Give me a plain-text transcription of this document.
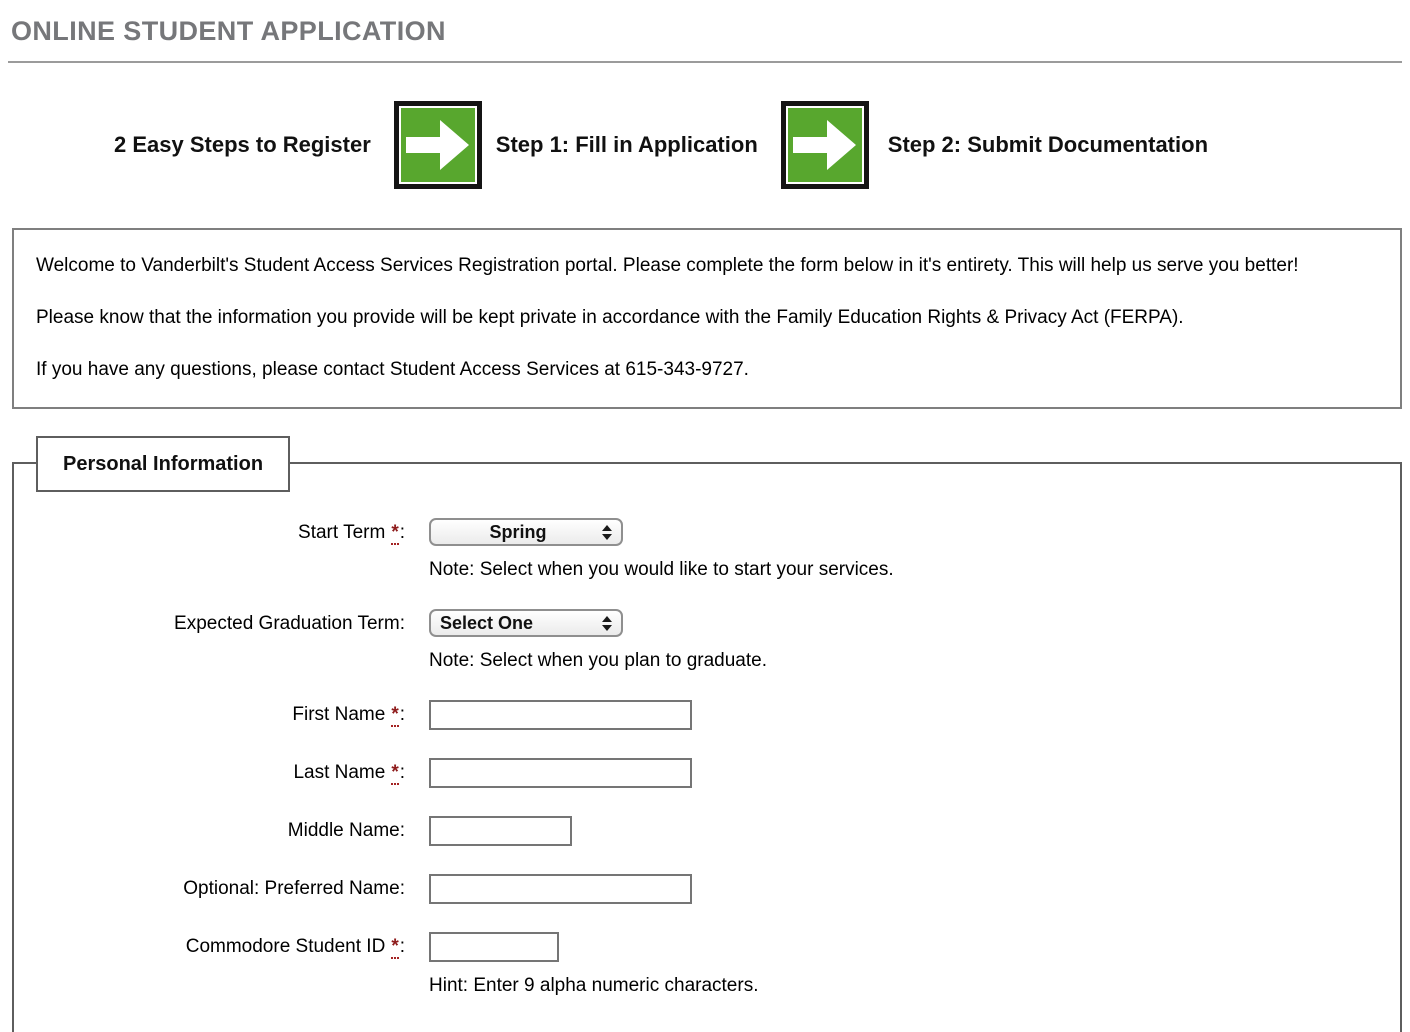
ONLINE STUDENT APPLICATION
2 Easy Steps to Register	Step 1: Fill in Application	Step 2: Submit Documentation

Welcome to Vanderbilt's Student Access Services Registration portal. Please complete the form below in it's entirety. This will help us serve you better!

Please know that the information you provide will be kept private in accordance with the Family Education Rights & Privacy Act (FERPA).

If you have any questions, please contact Student Access Services at 615-343-9727.

Personal Information
Start Term *:	Spring
Note: Select when you would like to start your services.
Expected Graduation Term: Select One
Note: Select when you plan to graduate.
First Name *:
Last Name *:
Middle Name:
Optional: Preferred Name:
Commodore Student ID *:
Hint: Enter 9 alpha numeric characters.
